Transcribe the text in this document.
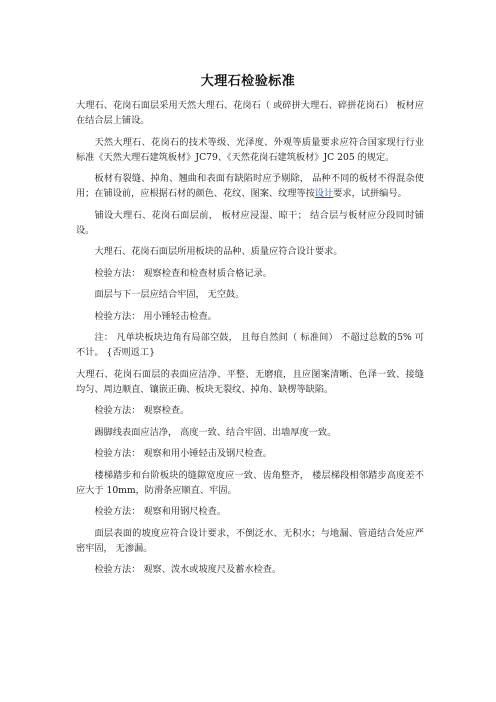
大理石检验标准

大理石、花岗石面层采用天然大理石、花岗石（ 或碎拼大理石、碎拼花岗石） 板材应在结合层上铺设。

天然大理石、花岗石的技术等级、光泽度、外观等质量要求应符合国家现行行业标准《天然大理石建筑板材》JC79、《天然花岗石建筑板材》JC 205 的规定。

板材有裂缝、掉角、翘曲和表面有缺陷时应予剔除， 品种不同的板材不得混杂使用；在铺设前，应根据石材的颜色、花纹、图案、纹理等按设计要求，试拼编号。

铺设大理石、花岗石面层前， 板材应浸湿、晾干； 结合层与板材应分段同时铺设。

大理石、花岗石面层所用板块的品种、质量应符合设计要求。

检验方法： 观察检查和检查材质合格记录。

面层与下一层应结合牢固， 无空鼓。

检验方法： 用小锤轻击检查。

注： 凡单块板块边角有局部空鼓， 且每自然间（ 标准间） 不超过总数的5% 可不计。 {否则返工}

大理石、花岗石面层的表面应洁净、平整、无磨痕，且应图案清晰、色泽一致、接缝均匀、周边顺直、镶嵌正确、板块无裂纹、掉角、缺楞等缺陷。

检验方法： 观察检查。

踢脚线表面应洁净， 高度一致、结合牢固、出墙厚度一致。

检验方法： 观察和用小锤轻击及钢尺检查。

楼梯踏步和台阶板块的缝隙宽度应一致、齿角整齐， 楼层梯段相邻踏步高度差不应大于 10mm，防滑条应顺直、牢固。

检验方法： 观察和用钢尺检查。

面层表面的坡度应符合设计要求，不倒泛水、无积水；与地漏、管道结合处应严密牢固， 无渗漏。

检验方法： 观察、泼水或坡度尺及蓄水检查。
